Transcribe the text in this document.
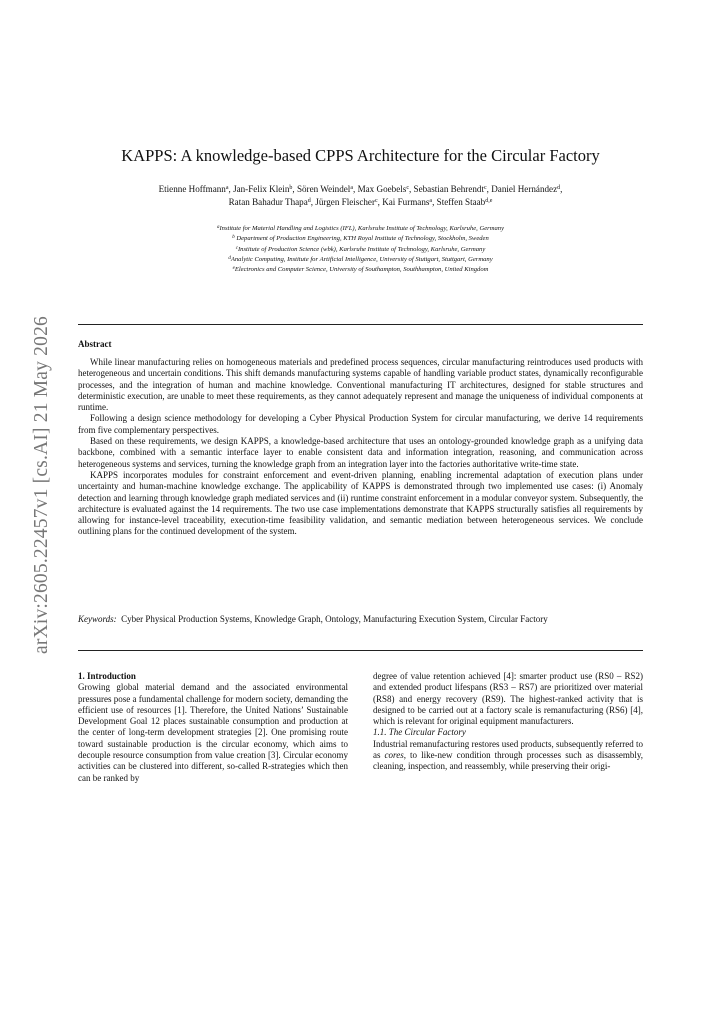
arXiv:2605.22457v1 [cs.AI] 21 May 2026
KAPPS: A knowledge-based CPPS Architecture for the Circular Factory
Etienne Hoffmann$^a$, Jan-Felix Klein$^b$, Sören Weindel$^a$, Max Goebels$^c$, Sebastian Behrendt$^c$, Daniel Hernández$^d$,
Ratan Bahadur Thapa$^d$, Jürgen Fleischer$^c$, Kai Furmans$^a$, Steffen Staab$^{d,e}$
$^a$Institute for Material Handling and Logistics (IFL), Karlsruhe Institute of Technology, Karlsruhe, Germany
$^b$ Department of Production Engineering, KTH Royal Institute of Technology, Stockholm, Sweden
$^c$Institute of Production Science (wbk), Karlsruhe Institute of Technology, Karlsruhe, Germany
$^d$Analytic Computing, Institute for Artificial Intelligence, University of Stuttgart, Stuttgart, Germany
$^e$Electronics and Computer Science, University of Southampton, Southhampton, United Kingdom
Abstract

While linear manufacturing relies on homogeneous materials and predefined process sequences, circular manufacturing reintroduces used products with heterogeneous and uncertain conditions. This shift demands manufacturing systems capable of handling variable product states, dynamically reconfigurable processes, and the integration of human and machine knowledge. Conventional manufacturing IT architectures, designed for stable structures and deterministic execution, are unable to meet these requirements, as they cannot adequately represent and manage the uniqueness of individual components at runtime.

Following a design science methodology for developing a Cyber Physical Production System for circular manufacturing, we derive 14 requirements from five complementary perspectives.

Based on these requirements, we design KAPPS, a knowledge-based architecture that uses an ontology-grounded knowledge graph as a unifying data backbone, combined with a semantic interface layer to enable consistent data and information integration, reasoning, and communication across heterogeneous systems and services, turning the knowledge graph from an integration layer into the factories authoritative write-time state.

KAPPS incorporates modules for constraint enforcement and event-driven planning, enabling incremental adaptation of execution plans under uncertainty and human-machine knowledge exchange. The applicability of KAPPS is demonstrated through two implemented use cases: (i) Anomaly detection and learning through knowledge graph mediated services and (ii) runtime constraint enforcement in a modular conveyor system. Subsequently, the architecture is evaluated against the 14 requirements. The two use case implementations demonstrate that KAPPS structurally satisfies all requirements by allowing for instance-level traceability, execution-time feasibility validation, and semantic mediation between heterogeneous services. We conclude outlining plans for the continued development of the system.

Keywords: Cyber Physical Production Systems, Knowledge Graph, Ontology, Manufacturing Execution System, Circular Factory

1. Introduction

Growing global material demand and the associated environmental pressures pose a fundamental challenge for modern society, demanding the efficient use of resources [1]. Therefore, the United Nations’ Sustainable Development Goal 12 places sustainable consumption and production at the center of long-term development strategies [2]. One promising route toward sustainable production is the circular economy, which aims to decouple resource consumption from value creation [3]. Circular economy activities can be clustered into different, so-called R-strategies which then can be ranked by

degree of value retention achieved [4]: smarter product use (RS0 – RS2) and extended product lifespans (RS3 – RS7) are prioritized over material (RS8) and energy recovery (RS9). The highest-ranked activity that is designed to be carried out at a factory scale is remanufacturing (RS6) [4], which is relevant for original equipment manufacturers.

1.1. The Circular Factory

Industrial remanufacturing restores used products, subsequently referred to as cores, to like-new condition through processes such as disassembly, cleaning, inspection, and reassembly, while preserving their origi-
